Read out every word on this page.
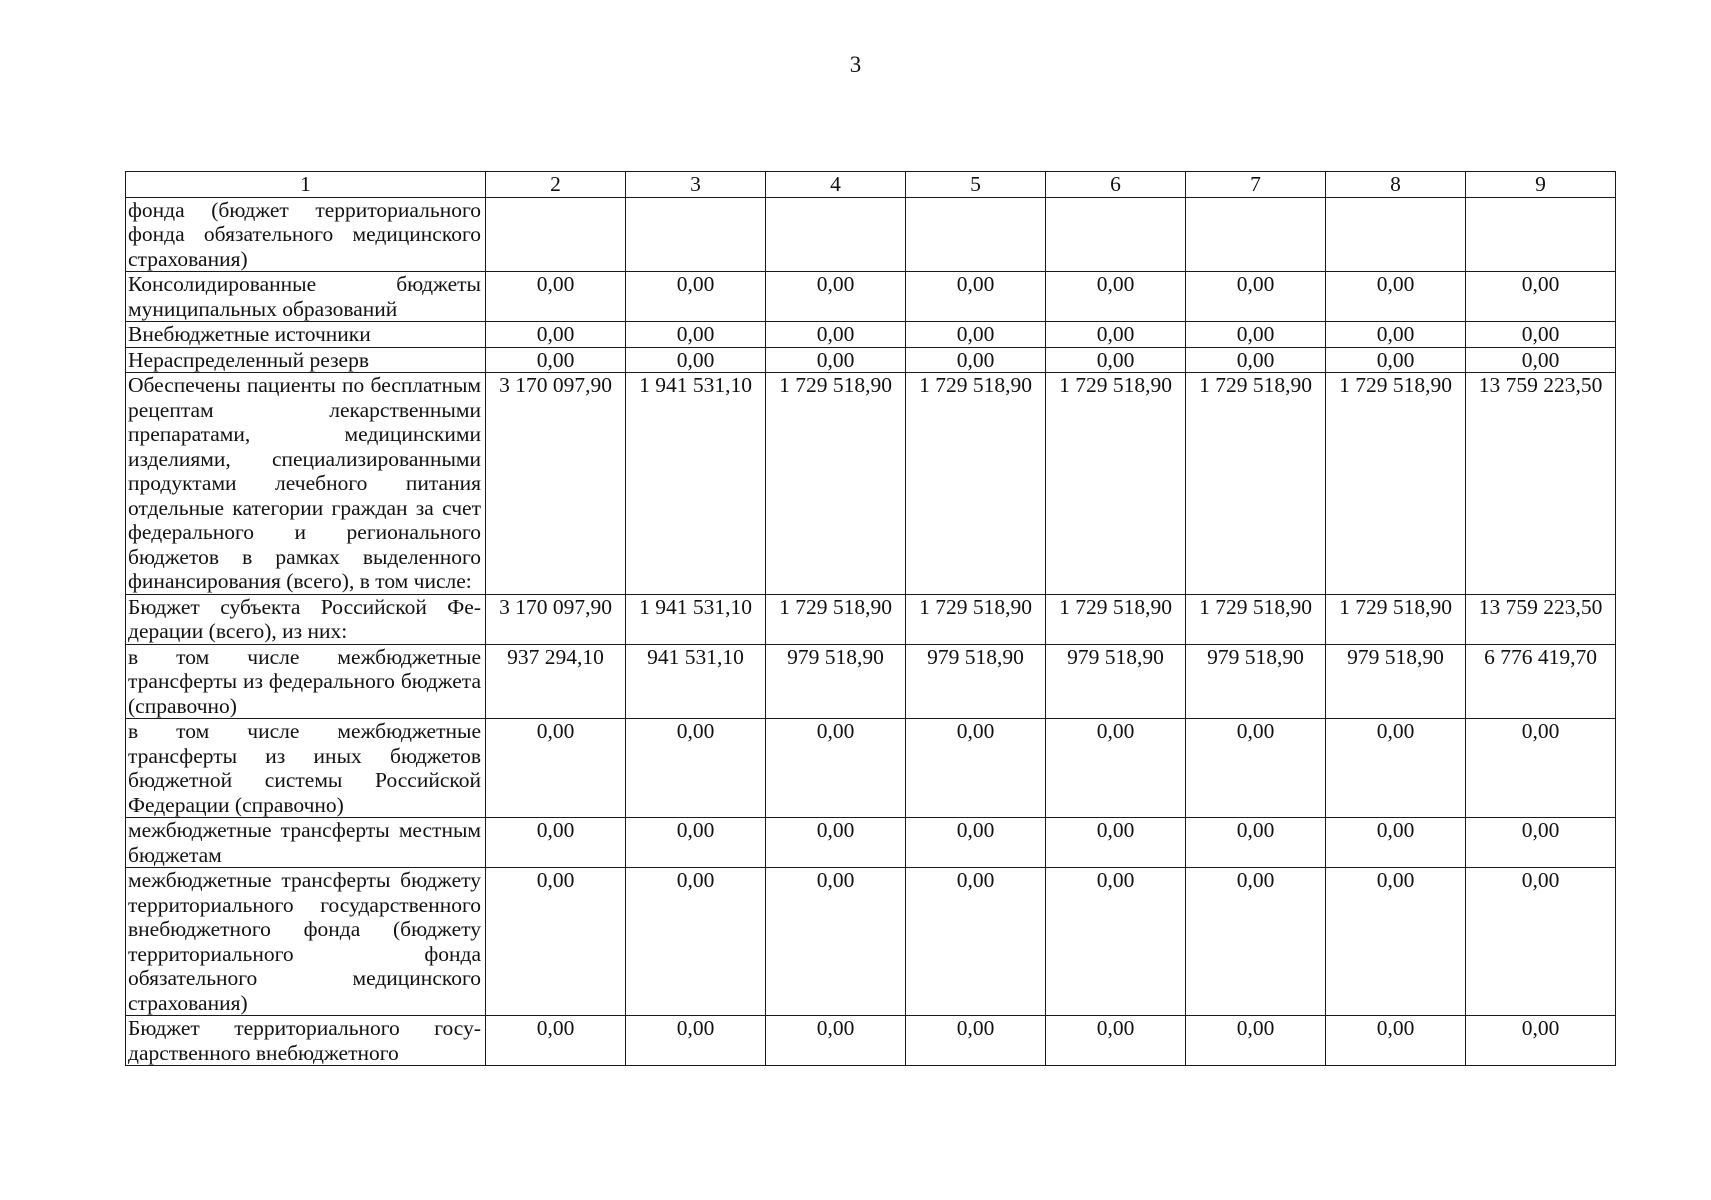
3
1	2	3	4	5	6	7	8	9
фонда (бюджет территориального фонда обязательного медицинского страхования)								
Консолидированные бюджеты муниципальных образований	0,00	0,00	0,00	0,00	0,00	0,00	0,00	0,00
Внебюджетные источники	0,00	0,00	0,00	0,00	0,00	0,00	0,00	0,00
Нераспределенный резерв	0,00	0,00	0,00	0,00	0,00	0,00	0,00	0,00
Обеспечены пациенты по бесплатным рецептам лекарственными препаратами, медицинскими изделиями, специализированными продуктами лечебного питания отдельные категории граждан за счет федерального и регионального бюджетов в рамках выделенного финансирования (всего), в том числе:	3 170 097,90	1 941 531,10	1 729 518,90	1 729 518,90	1 729 518,90	1 729 518,90	1 729 518,90	13 759 223,50
Бюджет субъекта Российской Федерации (всего), из них:	3 170 097,90	1 941 531,10	1 729 518,90	1 729 518,90	1 729 518,90	1 729 518,90	1 729 518,90	13 759 223,50
в том числе межбюджетные трансферты из федерального бюджета (справочно)	937 294,10	941 531,10	979 518,90	979 518,90	979 518,90	979 518,90	979 518,90	6 776 419,70
в том числе межбюджетные трансферты из иных бюджетов бюджетной системы Российской Федерации (справочно)	0,00	0,00	0,00	0,00	0,00	0,00	0,00	0,00
межбюджетные трансферты местным бюджетам	0,00	0,00	0,00	0,00	0,00	0,00	0,00	0,00
межбюджетные трансферты бюджету территориального государственного внебюджетного фонда (бюджету территориального фонда обязательного медицинского страхования)	0,00	0,00	0,00	0,00	0,00	0,00	0,00	0,00
Бюджет территориального государственного внебюджетного	0,00	0,00	0,00	0,00	0,00	0,00	0,00	0,00
